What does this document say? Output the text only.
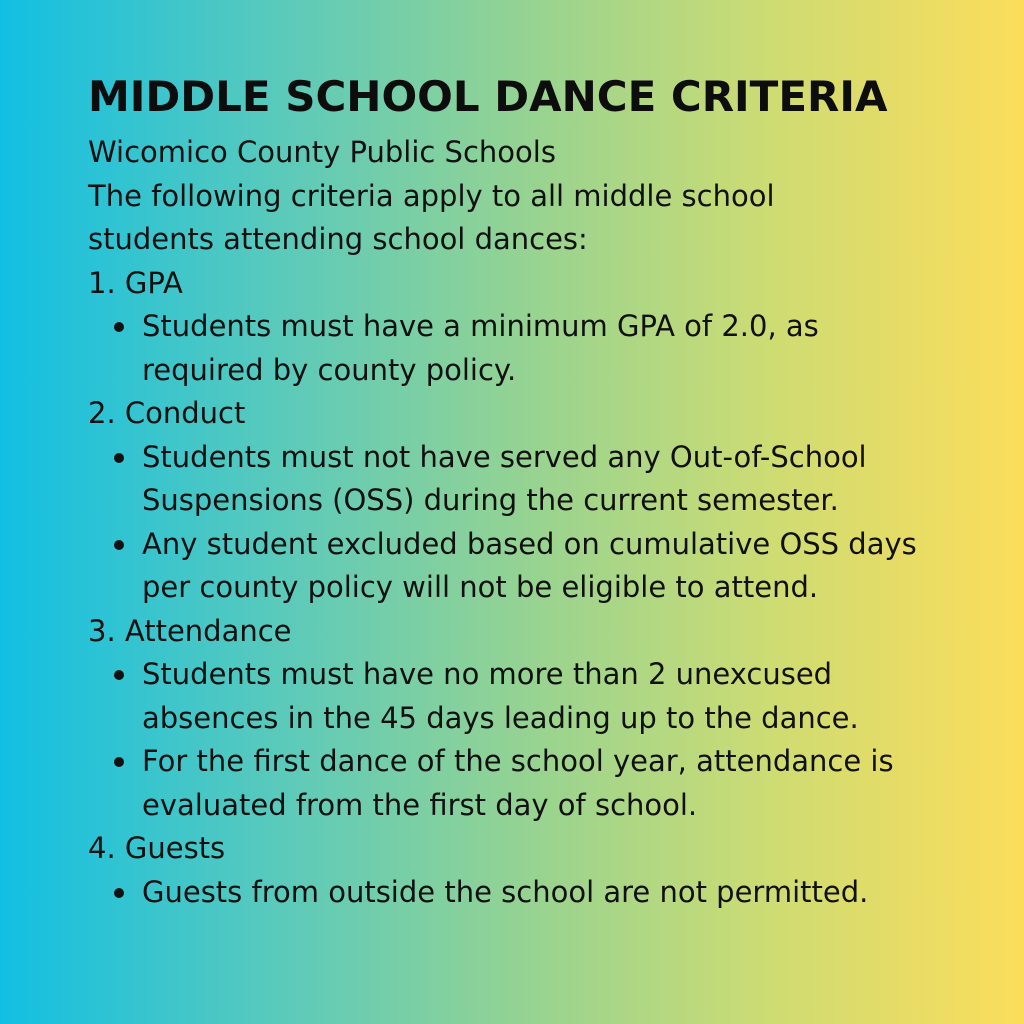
MIDDLE SCHOOL DANCE CRITERIA

Wicomico County Public Schools

The following criteria apply to all middle school students attending school dances:

1. GPA

Students must have a minimum GPA of 2.0, as required by county policy.

2. Conduct

Students must not have served any Out-of-School Suspensions (OSS) during the current semester.
Any student excluded based on cumulative OSS days per county policy will not be eligible to attend.

3. Attendance

Students must have no more than 2 unexcused absences in the 45 days leading up to the dance.
For the first dance of the school year, attendance is evaluated from the first day of school.

4. Guests

Guests from outside the school are not permitted.
